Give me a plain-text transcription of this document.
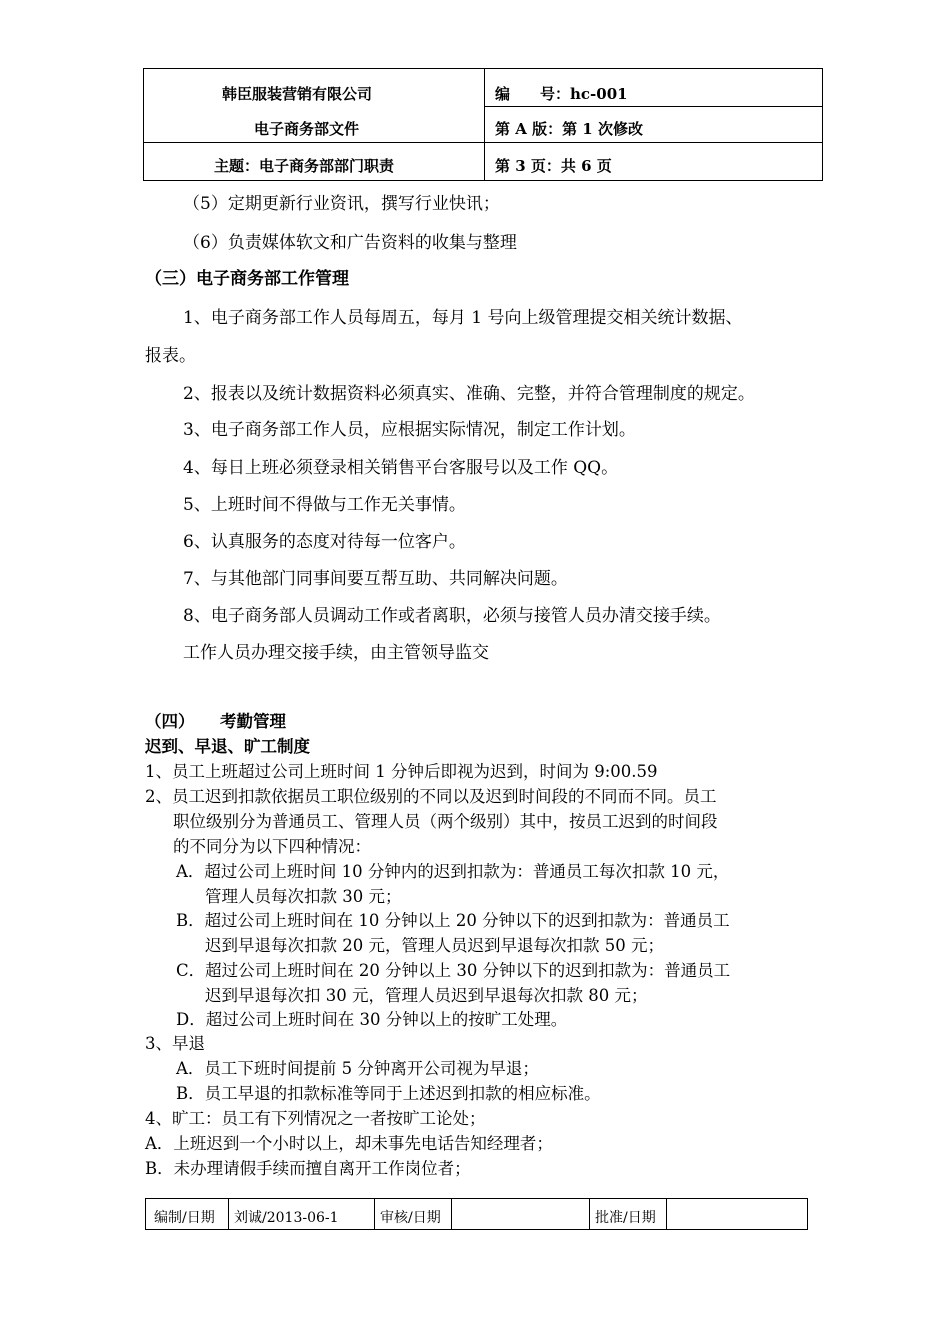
韩臣服装营销有限公司
电子商务部文件
主题：电子商务部部门职责
编　　号：hc-001
第 A 版：第 1 次修改
第 3 页：共 6 页
（5）定期更新行业资讯，撰写行业快讯；
（6）负责媒体软文和广告资料的收集与整理
（三）电子商务部工作管理
1、电子商务部工作人员每周五，每月 1 号向上级管理提交相关统计数据、
报表。
2、报表以及统计数据资料必须真实、准确、完整，并符合管理制度的规定。
3、电子商务部工作人员，应根据实际情况，制定工作计划。
4、每日上班必须登录相关销售平台客服号以及工作 QQ。
5、上班时间不得做与工作无关事情。
6、认真服务的态度对待每一位客户。
7、与其他部门同事间要互帮互助、共同解决问题。
8、电子商务部人员调动工作或者离职，必须与接管人员办清交接手续。
工作人员办理交接手续，由主管领导监交
（四） 考勤管理
迟到、早退、旷工制度
1、员工上班超过公司上班时间 1 分钟后即视为迟到，时间为 9:00.59
2、员工迟到扣款依据员工职位级别的不同以及迟到时间段的不同而不同。员工
职位级别分为普通员工、管理人员（两个级别）其中，按员工迟到的时间段
的不同分为以下四种情况：
A．超过公司上班时间 10 分钟内的迟到扣款为：普通员工每次扣款 10 元，
管理人员每次扣款 30 元；
B．超过公司上班时间在 10 分钟以上 20 分钟以下的迟到扣款为：普通员工
迟到早退每次扣款 20 元，管理人员迟到早退每次扣款 50 元；
C．超过公司上班时间在 20 分钟以上 30 分钟以下的迟到扣款为：普通员工
迟到早退每次扣 30 元，管理人员迟到早退每次扣款 80 元；
D．超过公司上班时间在 30 分钟以上的按旷工处理。
3、早退
A．员工下班时间提前 5 分钟离开公司视为早退；
B．员工早退的扣款标准等同于上述迟到扣款的相应标准。
4、旷工：员工有下列情况之一者按旷工论处；
A．上班迟到一个小时以上，却未事先电话告知经理者；
B．未办理请假手续而擅自离开工作岗位者；
编制/日期 刘诚/2013-06-1	审核/日期	批准/日期
